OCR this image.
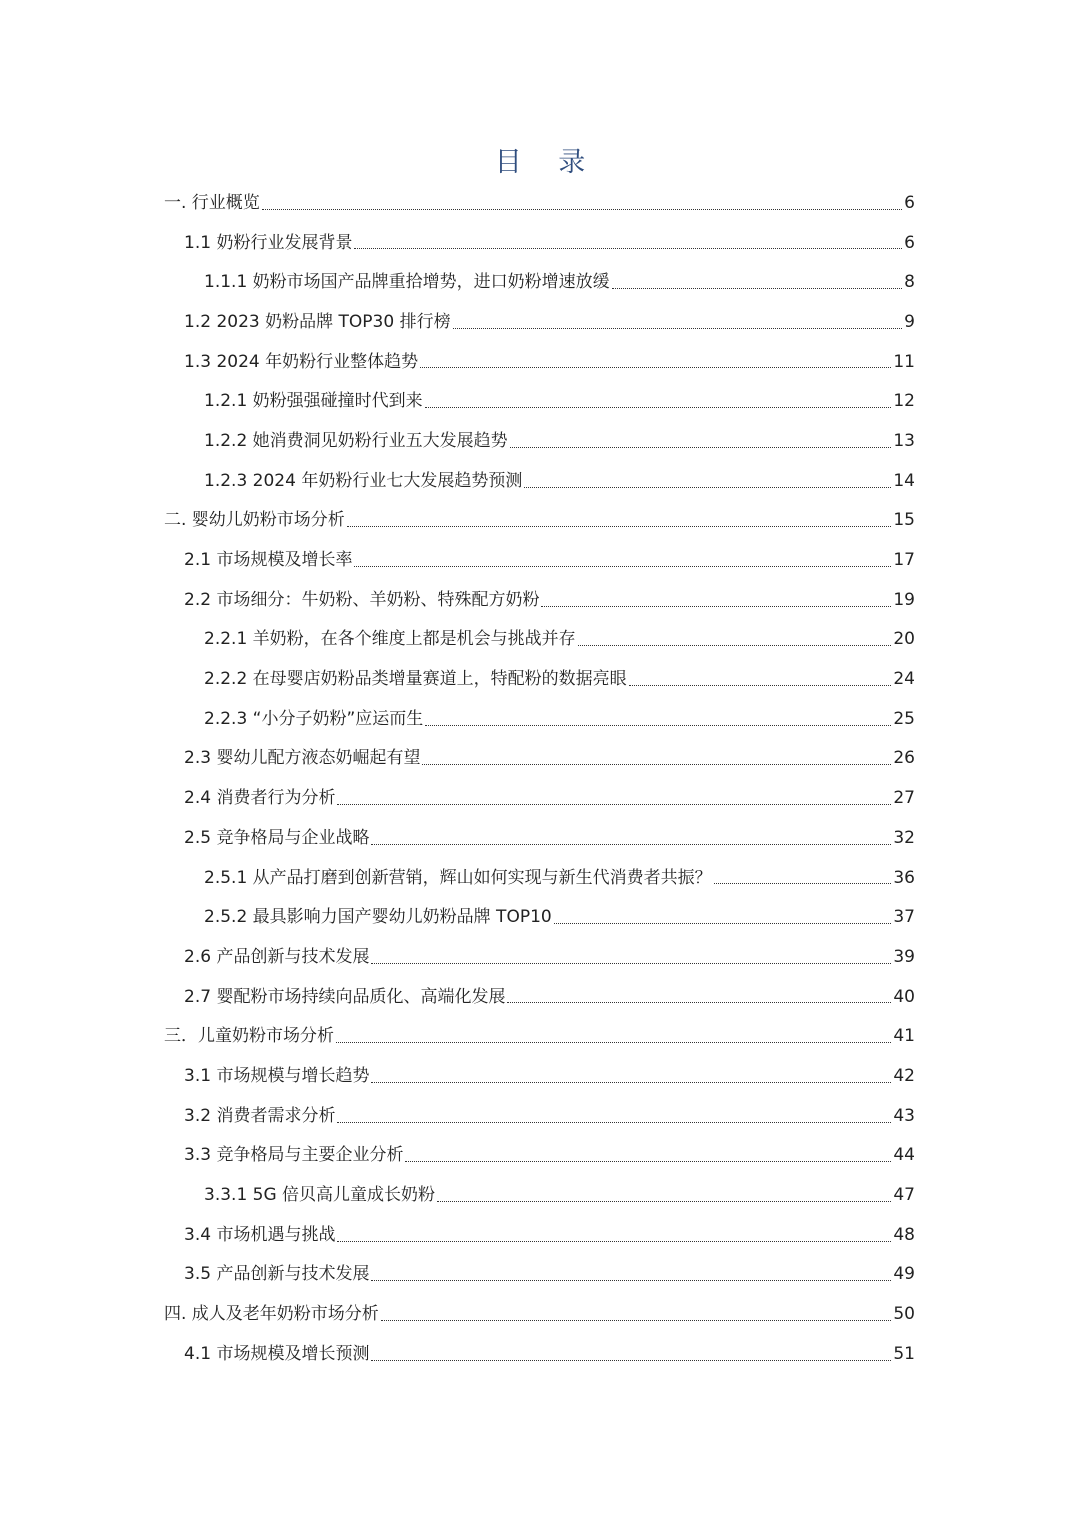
目 录
一. 行业概览	6
1.1 奶粉行业发展背景	6
1.1.1 奶粉市场国产品牌重拾增势，进口奶粉增速放缓	8
1.2 2023 奶粉品牌 TOP30 排行榜	9
1.3 2024 年奶粉行业整体趋势	11
1.2.1 奶粉强强碰撞时代到来	12
1.2.2 她消费洞见奶粉行业五大发展趋势	13
1.2.3 2024 年奶粉行业七大发展趋势预测	14
二. 婴幼儿奶粉市场分析	15
2.1 市场规模及增长率	17
2.2 市场细分：牛奶粉、羊奶粉、特殊配方奶粉	19
2.2.1 羊奶粉，在各个维度上都是机会与挑战并存	20
2.2.2 在母婴店奶粉品类增量赛道上，特配粉的数据亮眼	24
2.2.3 “小分子奶粉”应运而生	25
2.3 婴幼儿配方液态奶崛起有望	26
2.4 消费者行为分析	27
2.5 竞争格局与企业战略	32
2.5.1 从产品打磨到创新营销，辉山如何实现与新生代消费者共振？	36
2.5.2 最具影响力国产婴幼儿奶粉品牌 TOP10	37
2.6 产品创新与技术发展	39
2.7 婴配粉市场持续向品质化、高端化发展	40
三．儿童奶粉市场分析	41
3.1 市场规模与增长趋势	42
3.2 消费者需求分析	43
3.3 竞争格局与主要企业分析	44
3.3.1 5G 倍贝高儿童成长奶粉	47
3.4 市场机遇与挑战	48
3.5 产品创新与技术发展	49
四. 成人及老年奶粉市场分析	50
4.1 市场规模及增长预测	51
